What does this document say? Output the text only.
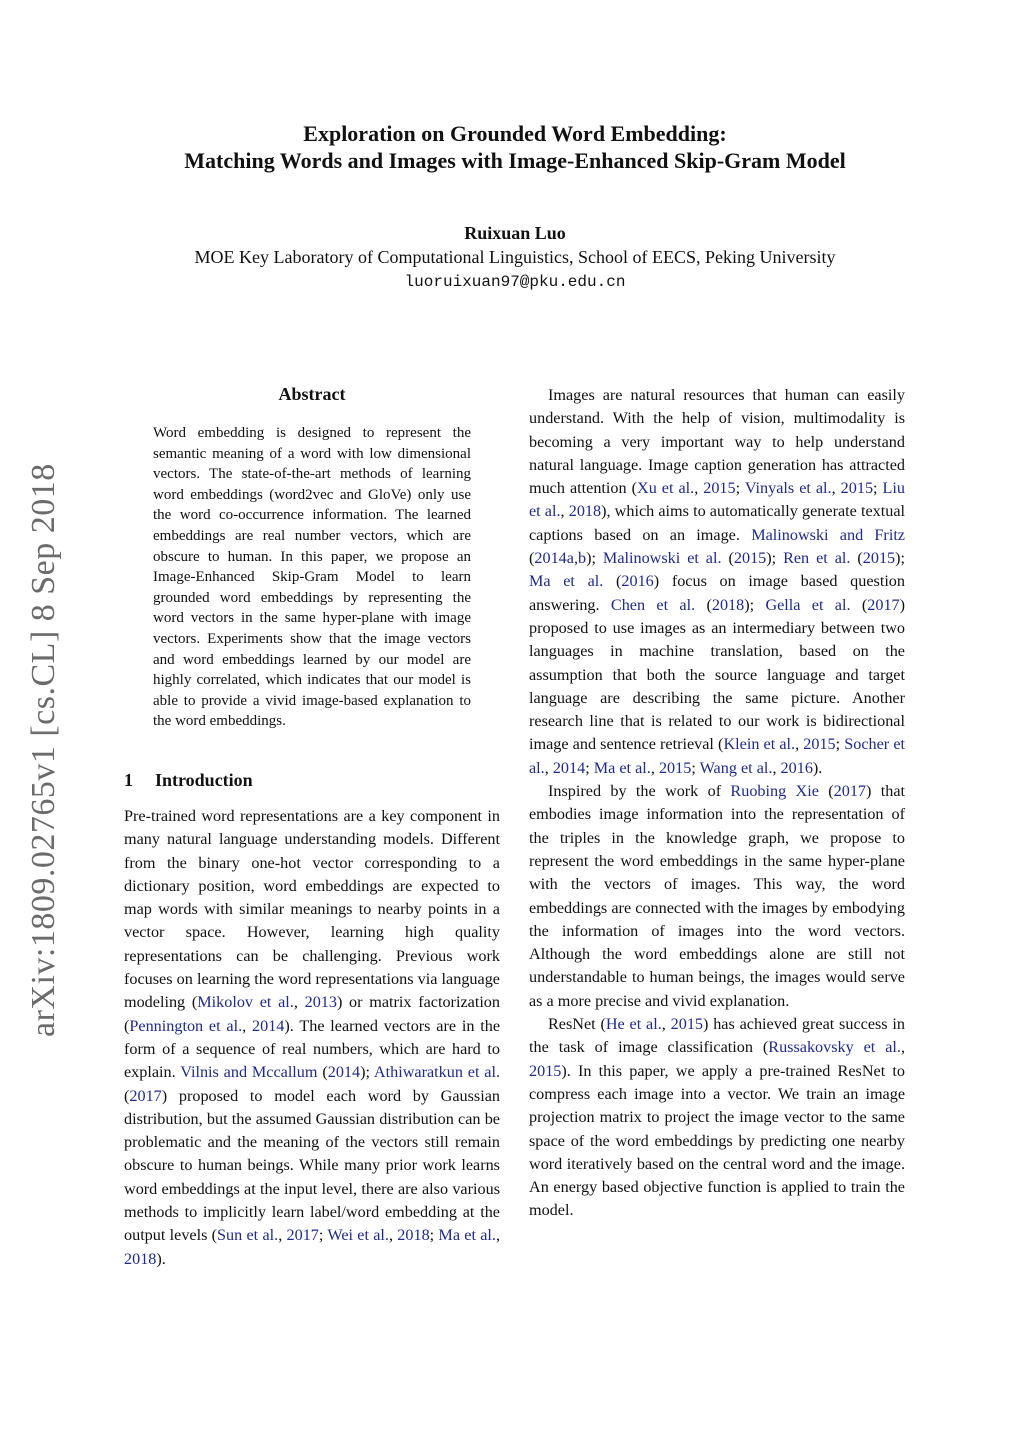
arXiv:1809.02765v1 [cs.CL] 8 Sep 2018
Exploration on Grounded Word Embedding:
Matching Words and Images with Image-Enhanced Skip-Gram Model
Ruixuan Luo
MOE Key Laboratory of Computational Linguistics, School of EECS, Peking University
luoruixuan97@pku.edu.cn
Abstract
Word embedding is designed to represent the semantic meaning of a word with low dimensional vectors. The state-of-the-art methods of learning word embeddings (word2vec and GloVe) only use the word co-occurrence information. The learned embeddings are real number vectors, which are obscure to human. In this paper, we propose an Image-Enhanced Skip-Gram Model to learn grounded word embeddings by representing the word vectors in the same hyper-plane with image vectors. Experiments show that the image vectors and word embeddings learned by our model are highly correlated, which indicates that our model is able to provide a vivid image-based explanation to the word embeddings.
1 Introduction

Pre-trained word representations are a key component in many natural language understanding models. Different from the binary one-hot vector corresponding to a dictionary position, word embeddings are expected to map words with similar meanings to nearby points in a vector space. However, learning high quality representations can be challenging. Previous work focuses on learning the word representations via language modeling (Mikolov et al., 2013) or matrix factorization (Pennington et al., 2014). The learned vectors are in the form of a sequence of real numbers, which are hard to explain. Vilnis and Mccallum (2014); Athiwaratkun et al. (2017) proposed to model each word by Gaussian distribution, but the assumed Gaussian distribution can be problematic and the meaning of the vectors still remain obscure to human beings. While many prior work learns word embeddings at the input level, there are also various methods to implicitly learn label/word embedding at the output levels (Sun et al., 2017; Wei et al., 2018; Ma et al., 2018).

Images are natural resources that human can easily understand. With the help of vision, multimodality is becoming a very important way to help understand natural language. Image caption generation has attracted much attention (Xu et al., 2015; Vinyals et al., 2015; Liu et al., 2018), which aims to automatically generate textual captions based on an image. Malinowski and Fritz (2014a,b); Malinowski et al. (2015); Ren et al. (2015); Ma et al. (2016) focus on image based question answering. Chen et al. (2018); Gella et al. (2017) proposed to use images as an intermediary between two languages in machine translation, based on the assumption that both the source language and target language are describing the same picture. Another research line that is related to our work is bidirectional image and sentence retrieval (Klein et al., 2015; Socher et al., 2014; Ma et al., 2015; Wang et al., 2016).

Inspired by the work of Ruobing Xie (2017) that embodies image information into the representation of the triples in the knowledge graph, we propose to represent the word embeddings in the same hyper-plane with the vectors of images. This way, the word embeddings are connected with the images by embodying the information of images into the word vectors. Although the word embeddings alone are still not understandable to human beings, the images would serve as a more precise and vivid explanation.

ResNet (He et al., 2015) has achieved great success in the task of image classification (Russakovsky et al., 2015). In this paper, we apply a pre-trained ResNet to compress each image into a vector. We train an image projection matrix to project the image vector to the same space of the word embeddings by predicting one nearby word iteratively based on the central word and the image. An energy based objective function is applied to train the model.
